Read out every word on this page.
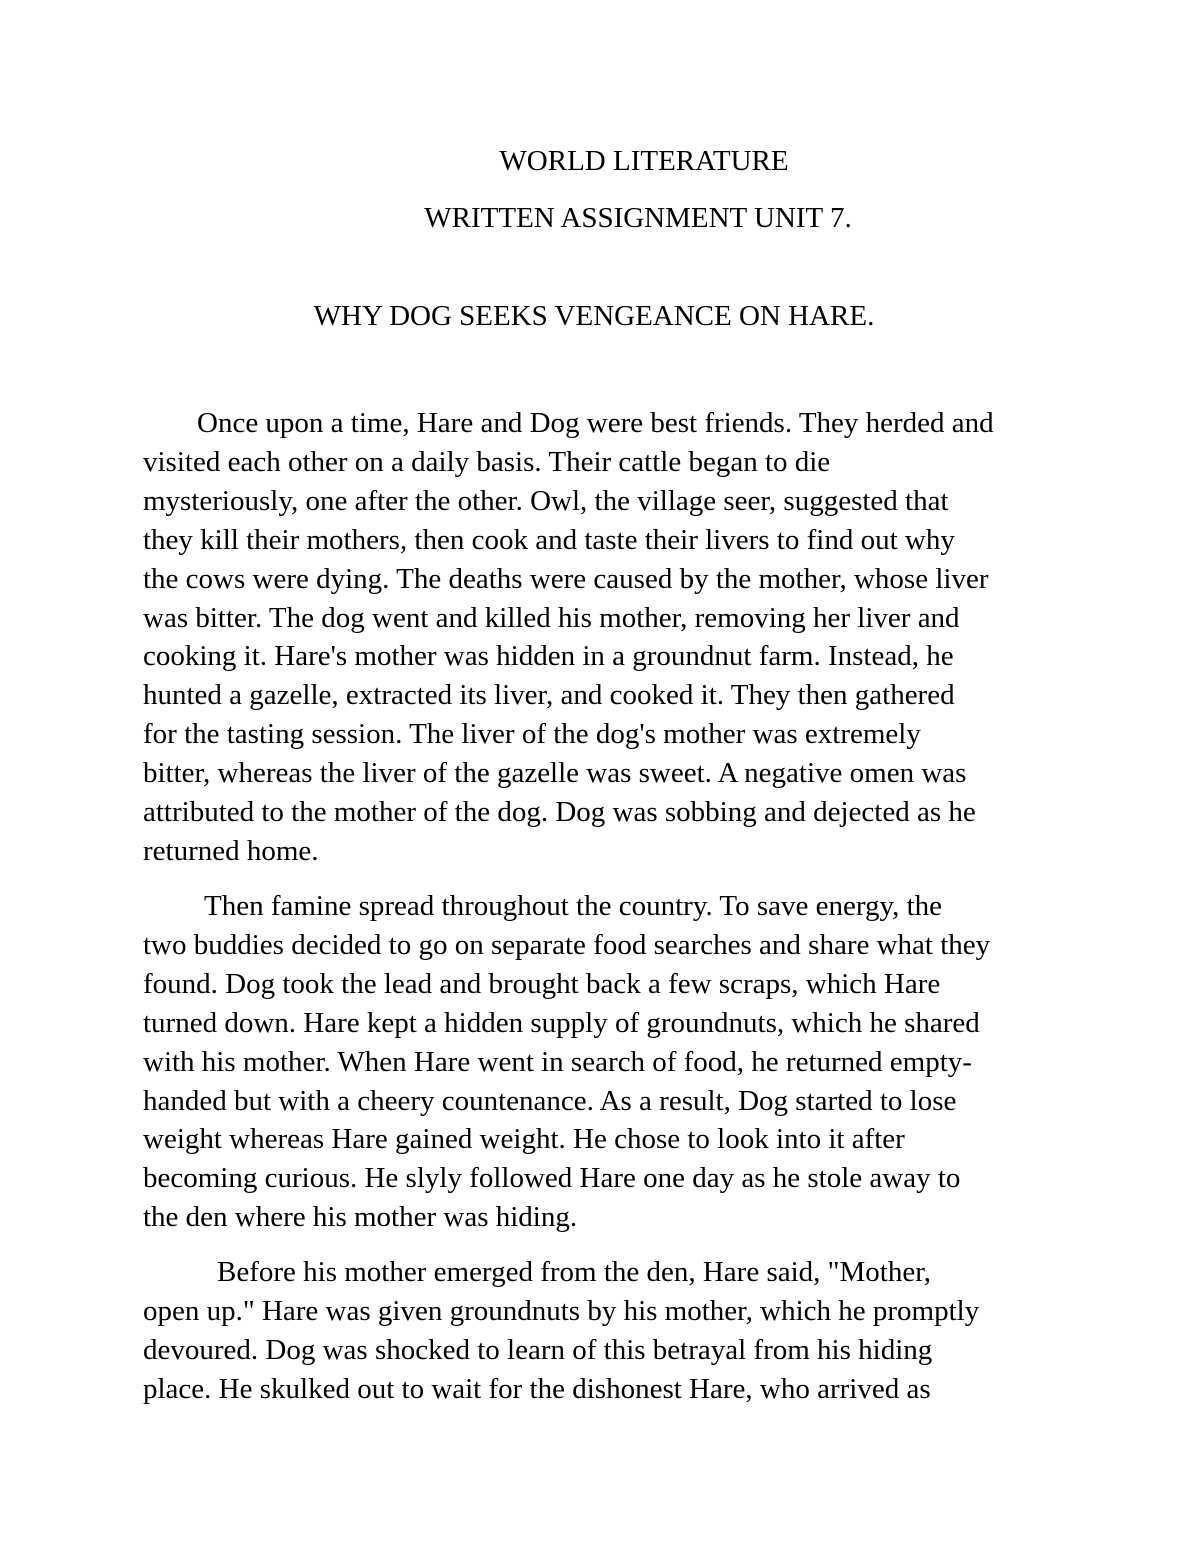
WORLD LITERATURE
WRITTEN ASSIGNMENT UNIT 7.
WHY DOG SEEKS VENGEANCE ON HARE.

Once upon a time, Hare and Dog were best friends. They herded and
visited each other on a daily basis. Their cattle began to die
mysteriously, one after the other. Owl, the village seer, suggested that
they kill their mothers, then cook and taste their livers to find out why
the cows were dying. The deaths were caused by the mother, whose liver
was bitter. The dog went and killed his mother, removing her liver and
cooking it. Hare's mother was hidden in a groundnut farm. Instead, he
hunted a gazelle, extracted its liver, and cooked it. They then gathered
for the tasting session. The liver of the dog's mother was extremely
bitter, whereas the liver of the gazelle was sweet. A negative omen was
attributed to the mother of the dog. Dog was sobbing and dejected as he
returned home.

Then famine spread throughout the country. To save energy, the
two buddies decided to go on separate food searches and share what they
found. Dog took the lead and brought back a few scraps, which Hare
turned down. Hare kept a hidden supply of groundnuts, which he shared
with his mother. When Hare went in search of food, he returned empty-
handed but with a cheery countenance. As a result, Dog started to lose
weight whereas Hare gained weight. He chose to look into it after
becoming curious. He slyly followed Hare one day as he stole away to
the den where his mother was hiding.

Before his mother emerged from the den, Hare said, "Mother,
open up." Hare was given groundnuts by his mother, which he promptly
devoured. Dog was shocked to learn of this betrayal from his hiding
place. He skulked out to wait for the dishonest Hare, who arrived as
